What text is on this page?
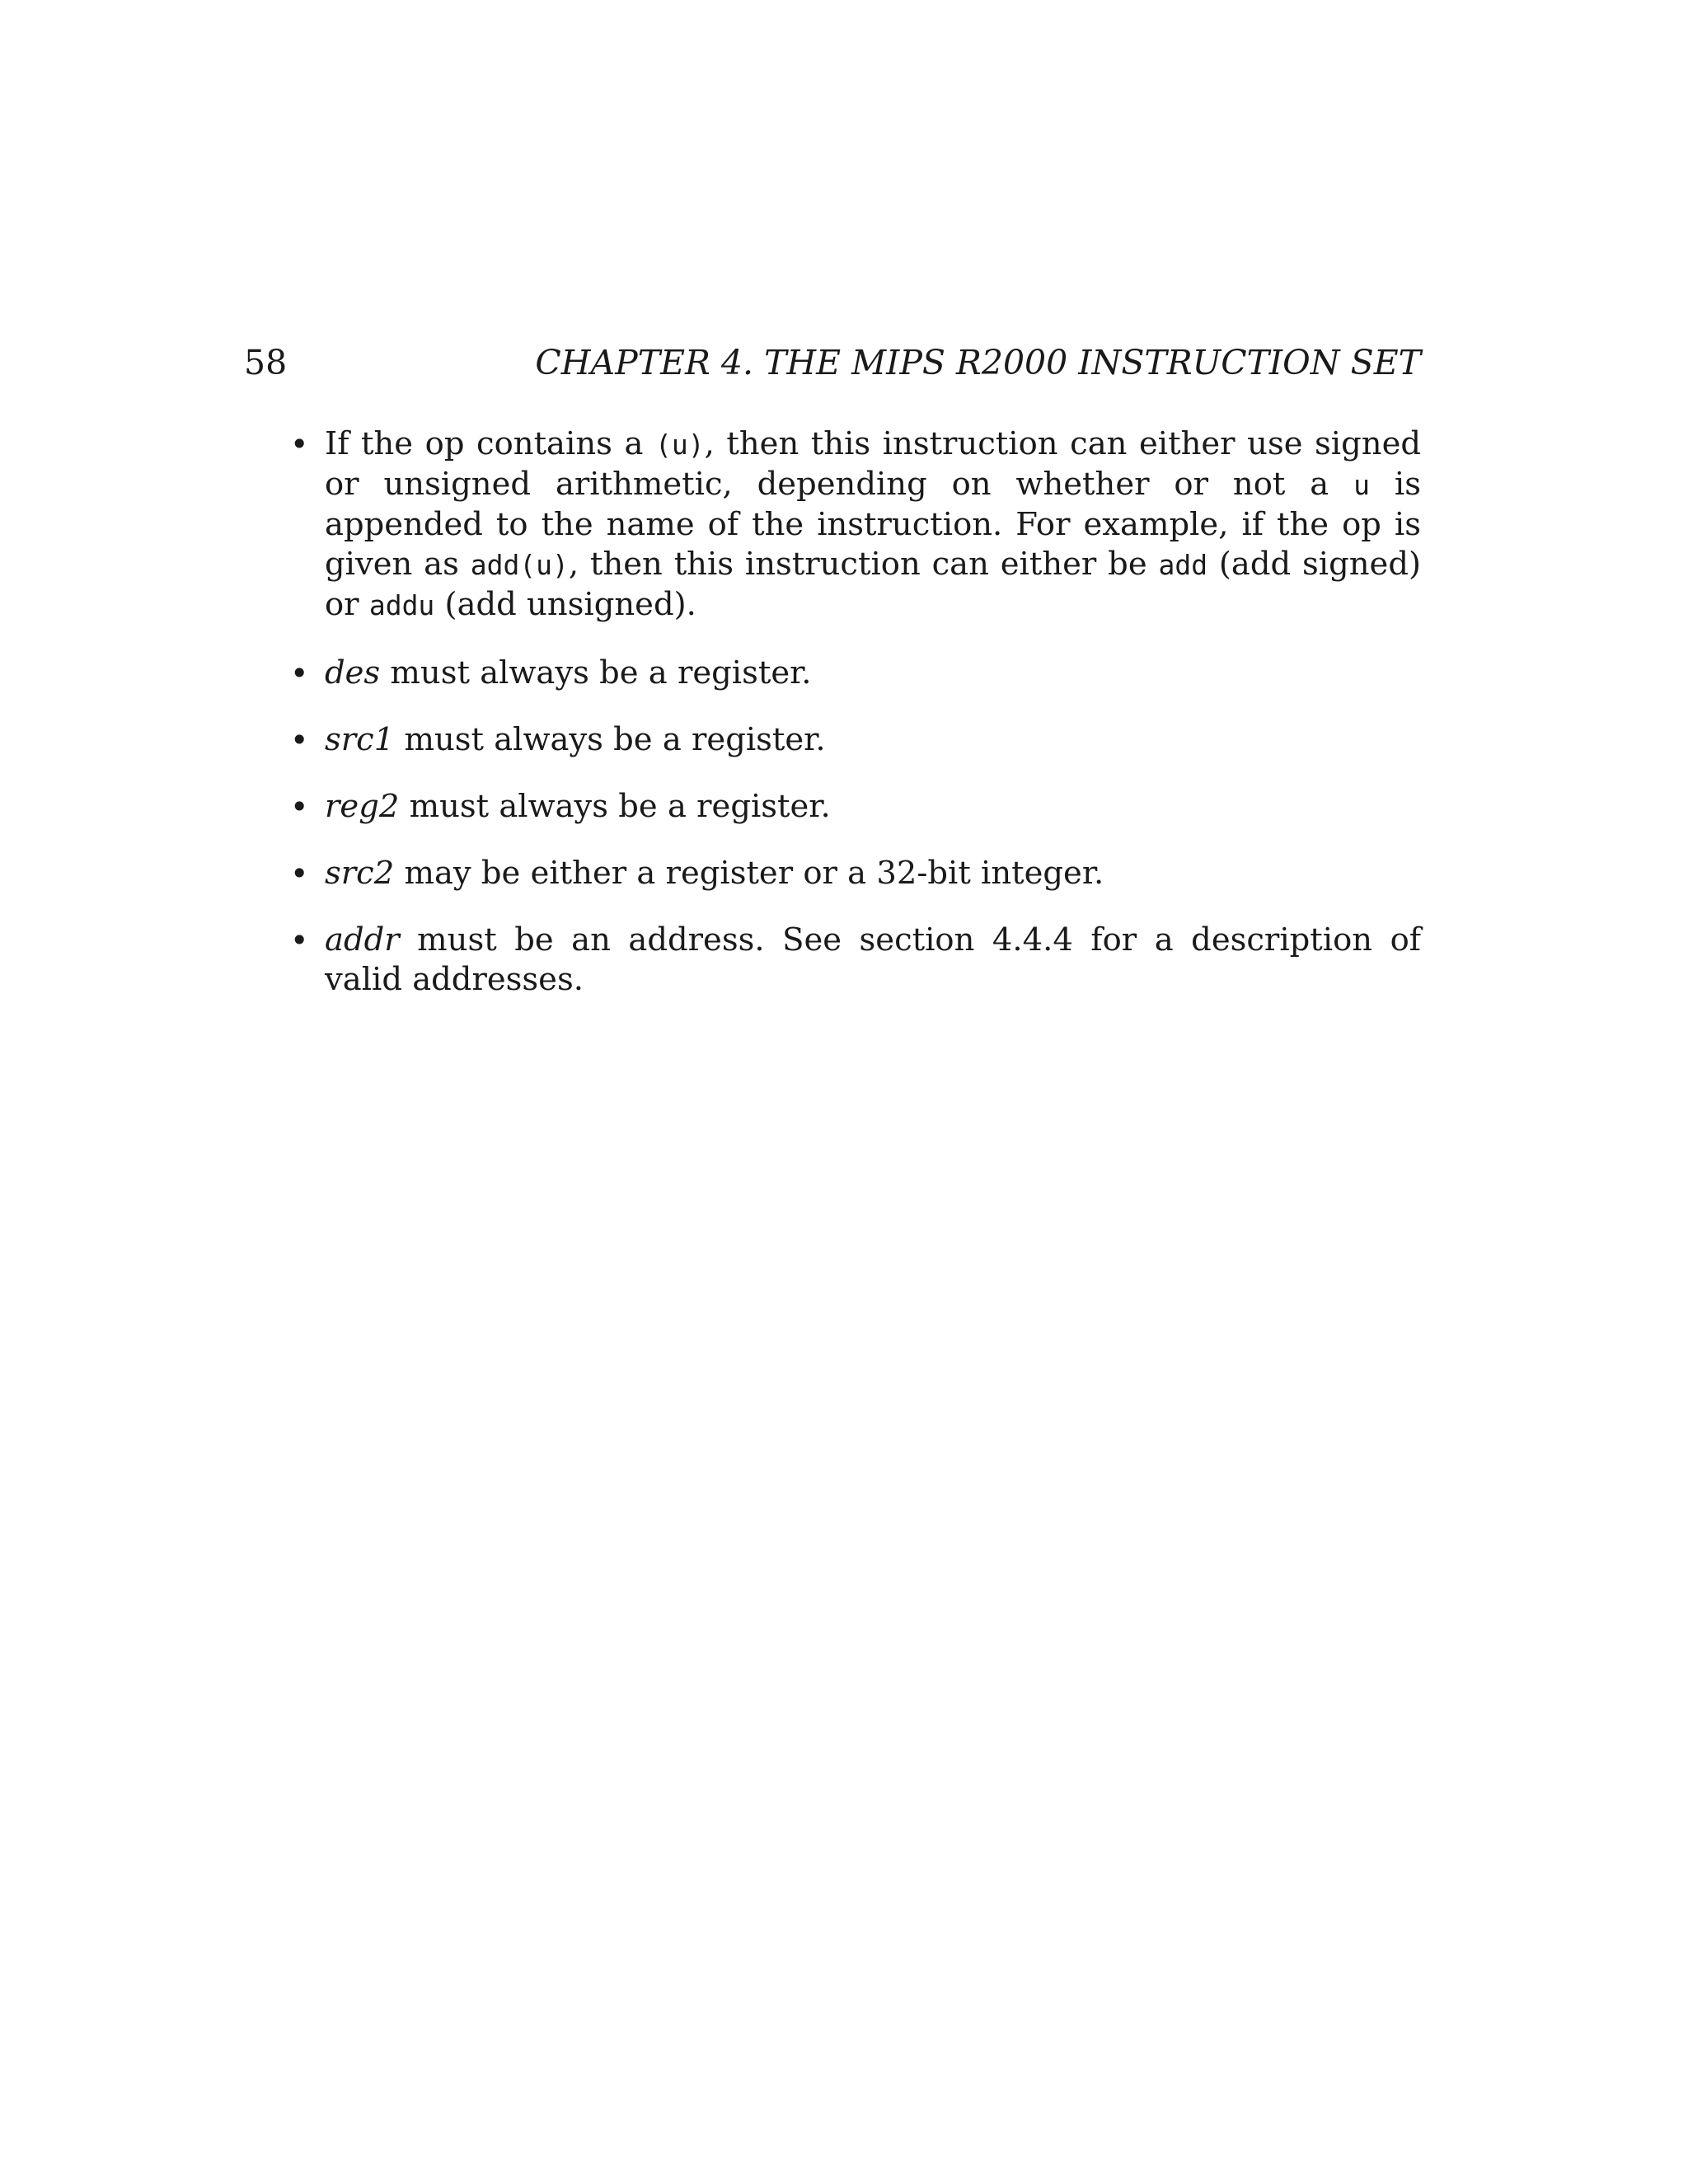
58	CHAPTER 4. THE MIPS R2000 INSTRUCTION SET
• If the op contains a (u), then this instruction can either use signed or unsigned arithmetic, depending on whether or not a u is appended to the name of the instruction. For example, if the op is given as add(u), then this instruction can either be add (add signed) or addu (add unsigned).
• des must always be a register.
• src1 must always be a register.
• reg2 must always be a register.
• src2 may be either a register or a 32-bit integer.
• addr must be an address. See section 4.4.4 for a description of valid addresses.
